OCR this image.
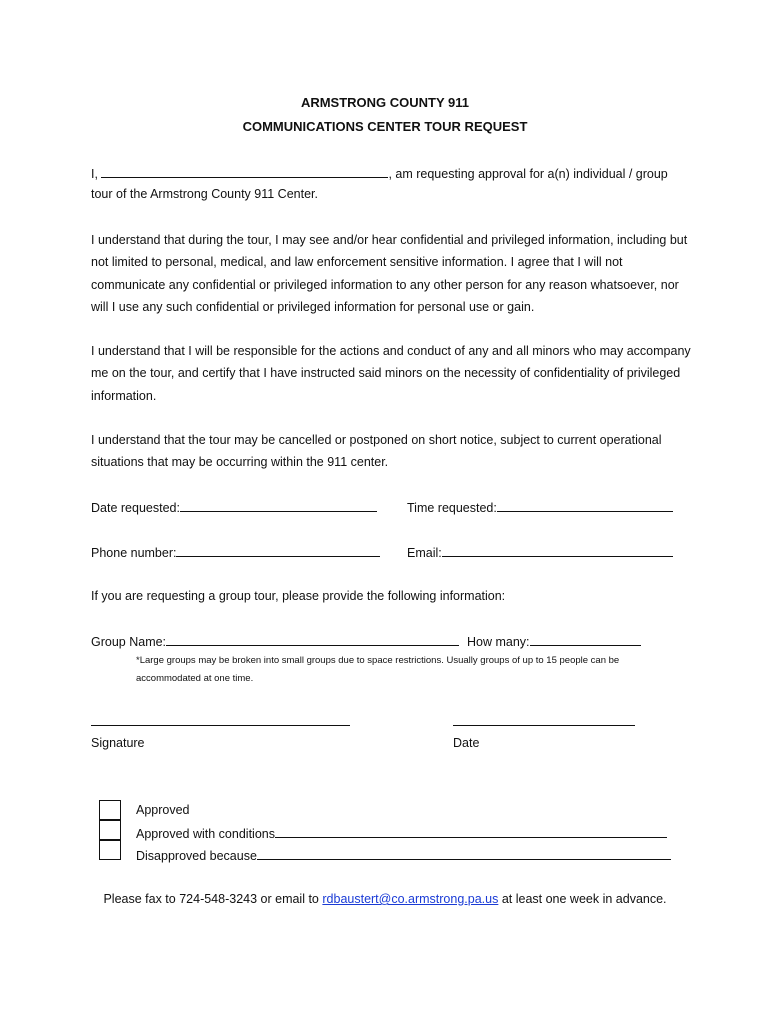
ARMSTRONG COUNTY 911
COMMUNICATIONS CENTER TOUR REQUEST
I,	, am requesting approval for a(n) individual / group
tour of the Armstrong County 911 Center.
I understand that during the tour, I may see and/or hear confidential and privileged information, including but not limited to personal, medical, and law enforcement sensitive information. I agree that I will not communicate any confidential or privileged information to any other person for any reason whatsoever, nor will I use any such confidential or privileged information for personal use or gain.
I understand that I will be responsible for the actions and conduct of any and all minors who may accompany me on the tour, and certify that I have instructed said minors on the necessity of confidentiality of privileged information.
I understand that the tour may be cancelled or postponed on short notice, subject to current operational situations that may be occurring within the 911 center.
Date requested:	Time requested:
Phone number:	Email:
If you are requesting a group tour, please provide the following information:
Group Name:	How many:
*Large groups may be broken into small groups due to space restrictions. Usually groups of up to 15 people can be accommodated at one time.
Signature	Date
Approved
Approved with conditions
Disapproved because
Please fax to 724-548-3243 or email to rdbaustert@co.armstrong.pa.us at least one week in advance.
